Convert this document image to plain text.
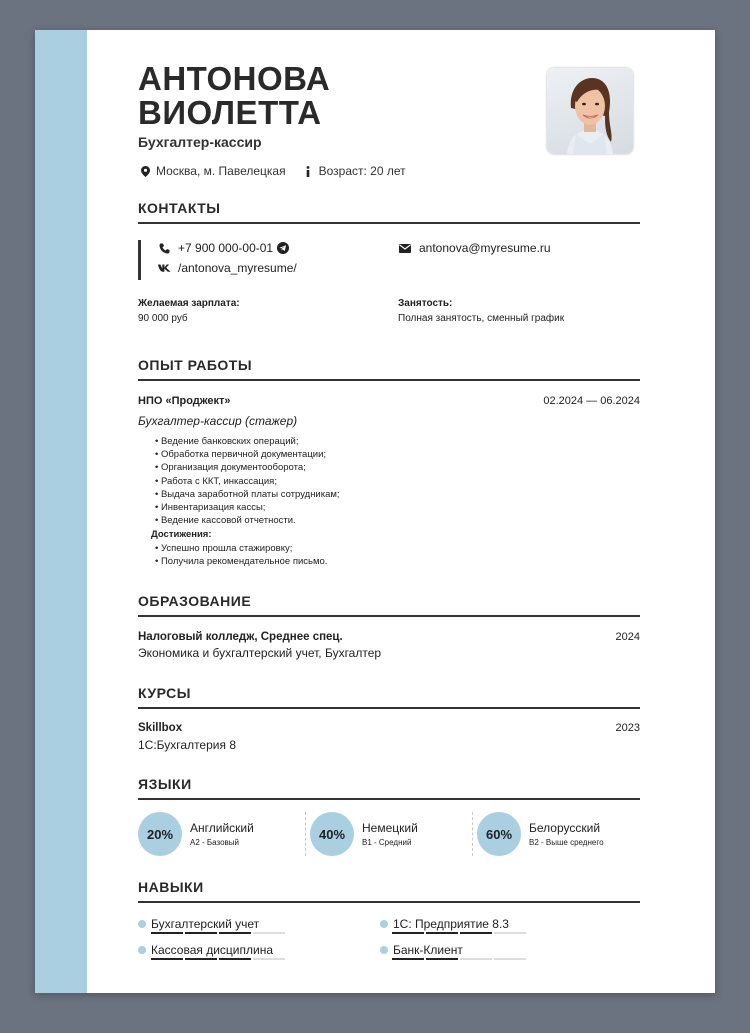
АНТОНОВА
ВИОЛЕТТА
Бухгалтер-кассир
Москва, м. Павелецкая	Возраст: 20 лет
КОНТАКТЫ
+7 900 000-00-01
/antonova_myresume/
antonova@myresume.ru
Желаемая зарплата:
90 000 руб
Занятость:
Полная занятость, сменный график
ОПЫТ РАБОТЫ
НПО «Проджект»	02.2024 — 06.2024
Бухгалтер-кассир (стажер)
• Ведение банковских операций;
• Обработка первичной документации;
• Организация документооборота;
• Работа с ККТ, инкассация;
• Выдача заработной платы сотрудникам;
• Инвентаризация кассы;
• Ведение кассовой отчетности.
Достижения:
• Успешно прошла стажировку;
• Получила рекомендательное письмо.
ОБРАЗОВАНИЕ
Налоговый колледж, Среднее спец.	2024
Экономика и бухгалтерский учет, Бухгалтер
КУРСЫ
Skillbox	2023
1С:Бухгалтерия 8
ЯЗЫКИ
20%	Английский
A2 - Базовый
40%	Немецкий
B1 - Средний
60%	Белорусский
B2 - Выше среднего
НАВЫКИ
Бухгалтерский учет	1С: Предприятие 8.3
Кассовая дисциплина	Банк-Клиент
